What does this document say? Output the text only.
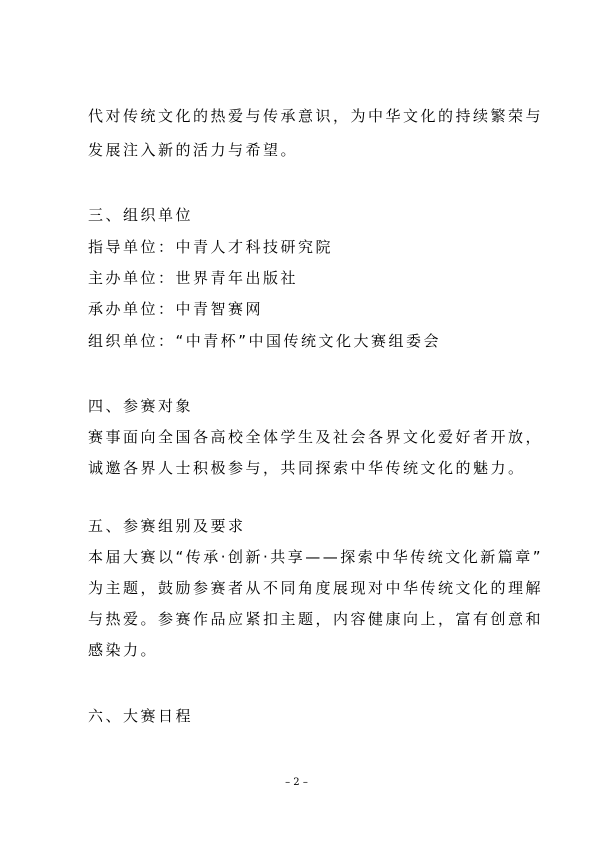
代对传统文化的热爱与传承意识，为中华文化的持续繁荣与

发展注入新的活力与希望。

三、组织单位

指导单位：中青人才科技研究院

主办单位：世界青年出版社

承办单位：中青智赛网

组织单位：“中青杯”中国传统文化大赛组委会

四、参赛对象

赛事面向全国各高校全体学生及社会各界文化爱好者开放，

诚邀各界人士积极参与，共同探索中华传统文化的魅力。

五、参赛组别及要求

本届大赛以“传承·创新·共享——探索中华传统文化新篇章”

为主题，鼓励参赛者从不同角度展现对中华传统文化的理解

与热爱。参赛作品应紧扣主题，内容健康向上，富有创意和

感染力。

六、大赛日程

– 2 –
